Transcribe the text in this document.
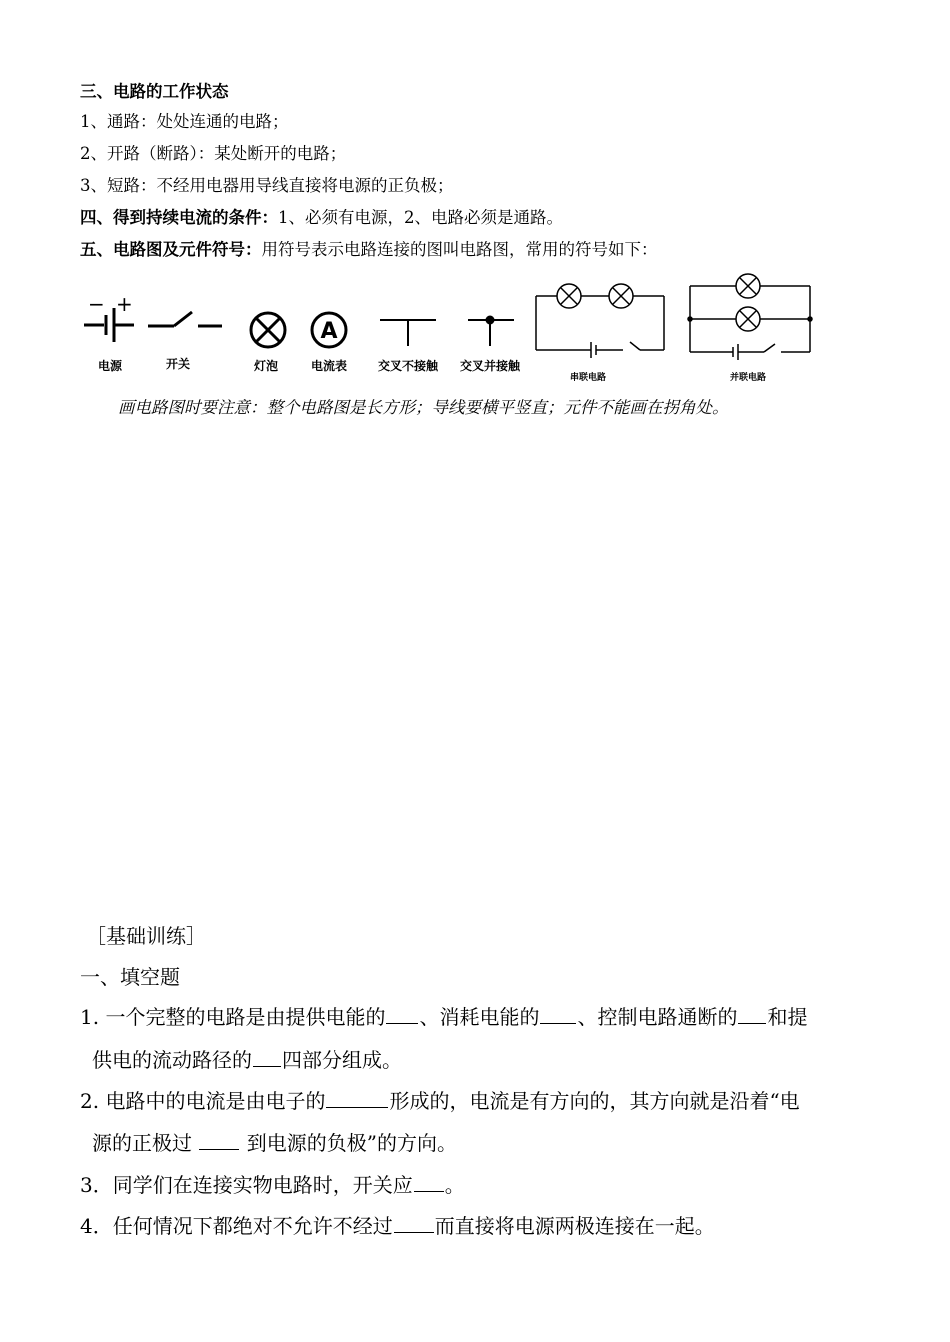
三、电路的工作状态
1、通路：处处连通的电路；
2、开路（断路）：某处断开的电路；
3、短路：不经用电器用导线直接将电源的正负极；
四、得到持续电流的条件：1、必须有电源，2、电路必须是通路。
五、电路图及元件符号：用符号表示电路连接的图叫电路图，常用的符号如下：
− +
A
电源	开关	灯泡	电流表	交叉不接触 交叉并接触
串联电路	并联电路
画电路图时要注意：整个电路图是长方形；导线要横平竖直；元件不能画在拐角处。
［基础训练］
一、填空题
1. 一个完整的电路是由提供电能的 、消耗电能的 、控制电路通断的 和提
供电的流动路径的 四部分组成。
2. 电路中的电流是由电子的	形成的，电流是有方向的，其方向就是沿着“电
源的正极过	到电源的负极”的方向。
3．同学们在连接实物电路时，开关应 。
4．任何情况下都绝对不允许不经过 而直接将电源两极连接在一起。
